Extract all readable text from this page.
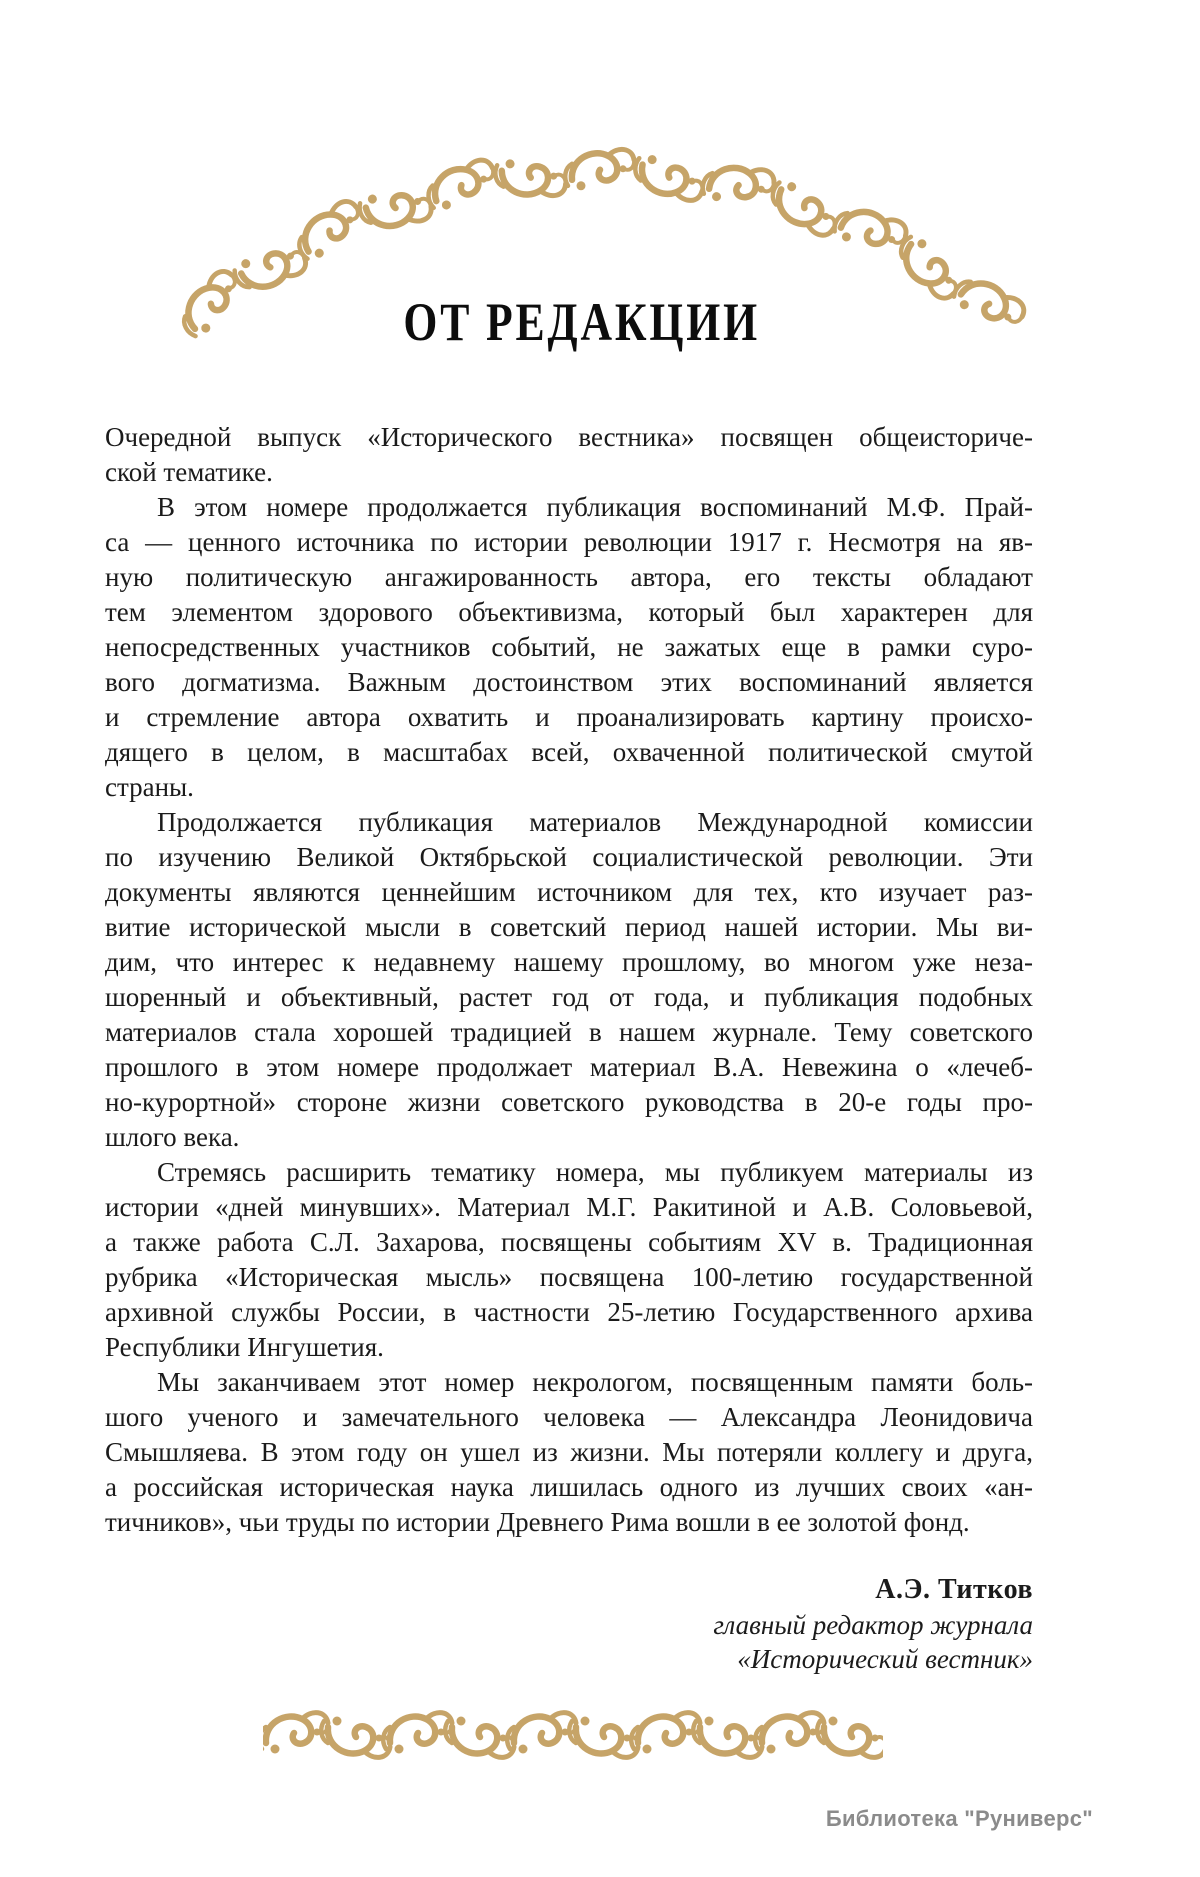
ОТ РЕДАКЦИИ
Очередной выпуск «Исторического вестника» посвящен общеисториче-
ской тематике.
В этом номере продолжается публикация воспоминаний М.Ф. Прай-
са — ценного источника по истории революции 1917 г. Несмотря на яв-
ную политическую ангажированность автора, его тексты обладают
тем элементом здорового объективизма, который был характерен для
непосредственных участников событий, не зажатых еще в рамки суро-
вого догматизма. Важным достоинством этих воспоминаний является
и стремление автора охватить и проанализировать картину происхо-
дящего в целом, в масштабах всей, охваченной политической смутой
страны.
Продолжается публикация материалов Международной комиссии
по изучению Великой Октябрьской социалистической революции. Эти
документы являются ценнейшим источником для тех, кто изучает раз-
витие исторической мысли в советский период нашей истории. Мы ви-
дим, что интерес к недавнему нашему прошлому, во многом уже неза-
шоренный и объективный, растет год от года, и публикация подобных
материалов стала хорошей традицией в нашем журнале. Тему советского
прошлого в этом номере продолжает материал В.А. Невежина о «лечеб-
но-курортной» стороне жизни советского руководства в 20-е годы про-
шлого века.
Стремясь расширить тематику номера, мы публикуем материалы из
истории «дней минувших». Материал М.Г. Ракитиной и А.В. Соловьевой,
а также работа С.Л. Захарова, посвящены событиям XV в. Традиционная
рубрика «Историческая мысль» посвящена 100-летию государственной
архивной службы России, в частности 25-летию Государственного архива
Республики Ингушетия.
Мы заканчиваем этот номер некрологом, посвященным памяти боль-
шого ученого и замечательного человека — Александра Леонидовича
Смышляева. В этом году он ушел из жизни. Мы потеряли коллегу и друга,
а российская историческая наука лишилась одного из лучших своих «ан-
тичников», чьи труды по истории Древнего Рима вошли в ее золотой фонд.
А.Э. Титков
главный редактор журнала
«Исторический вестник»
Библиотека "Руниверс"
